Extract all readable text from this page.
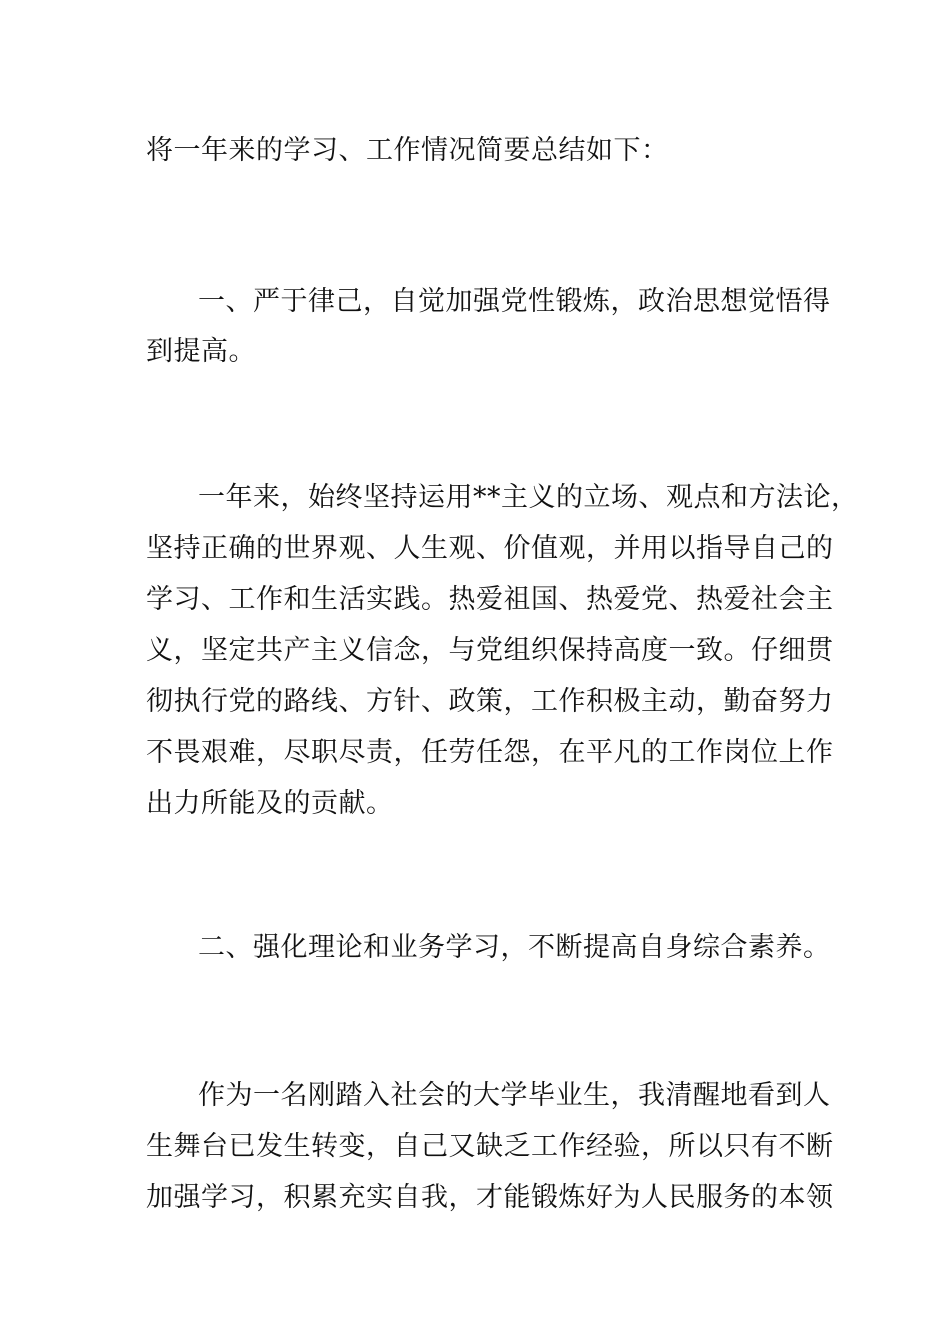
将一年来的学习、工作情况简要总结如下：
一、严于律己，自觉加强党性锻炼，政治思想觉悟得
到提高。
一年来，始终坚持运用**主义的立场、观点和方法论，
坚持正确的世界观、人生观、价值观，并用以指导自己的
学习、工作和生活实践。热爱祖国、热爱党、热爱社会主
义，坚定共产主义信念，与党组织保持高度一致。仔细贯
彻执行党的路线、方针、政策，工作积极主动，勤奋努力
不畏艰难，尽职尽责，任劳任怨，在平凡的工作岗位上作
出力所能及的贡献。
二、强化理论和业务学习，不断提高自身综合素养。
作为一名刚踏入社会的大学毕业生，我清醒地看到人
生舞台已发生转变，自己又缺乏工作经验，所以只有不断
加强学习，积累充实自我，才能锻炼好为人民服务的本领
